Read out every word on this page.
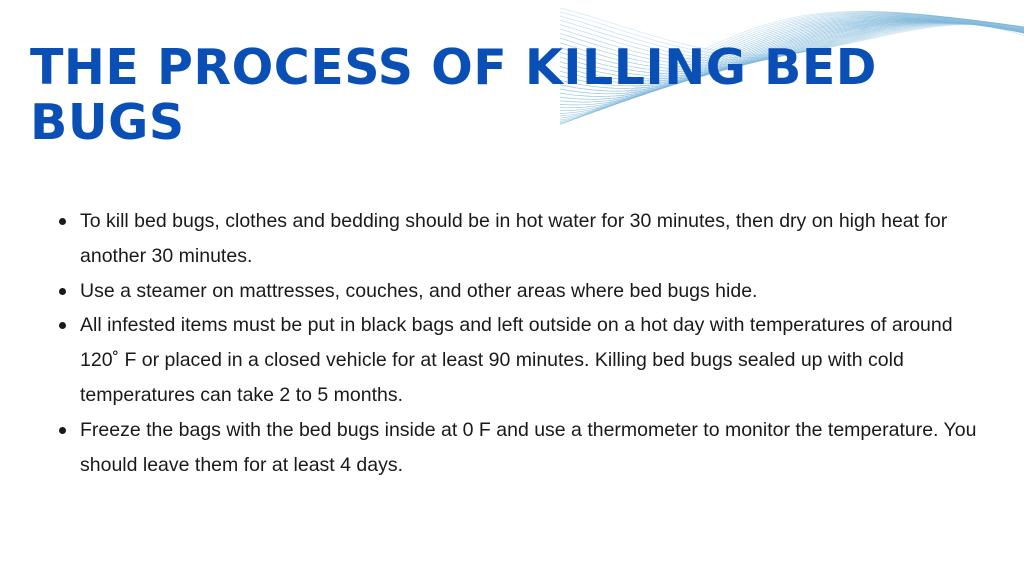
THE PROCESS OF KILLING BED BUGS
To kill bed bugs, clothes and bedding should be in hot water for 30 minutes, then dry on high heat for another 30 minutes.
Use a steamer on mattresses, couches, and other areas where bed bugs hide.
All infested items must be put in black bags and left outside on a hot day with temperatures of around 120˚ F or placed in a closed vehicle for at least 90 minutes. Killing bed bugs sealed up with cold temperatures can take 2 to 5 months.
Freeze the bags with the bed bugs inside at 0 F and use a thermometer to monitor the temperature. You should leave them for at least 4 days.
